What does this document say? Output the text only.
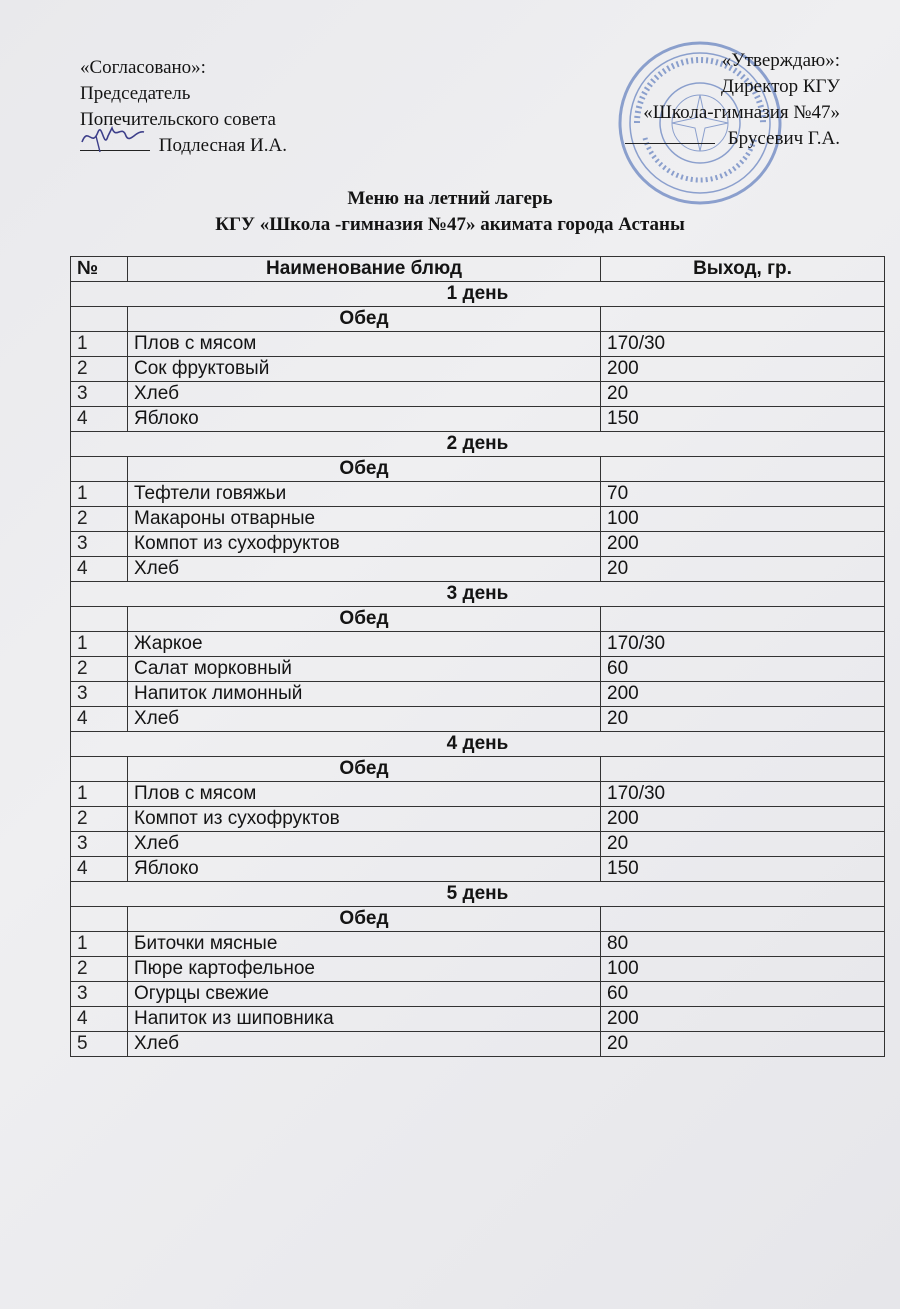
«Согласовано»:
Председатель
Попечительского совета
Подлесная И.А.
«Утверждаю»:
Директор КГУ
«Школа-гимназия №47»
Брусевич Г.А.
Меню на летний лагерь
КГУ «Школа -гимназия №47» акимата города Астаны
№	Наименование блюд	Выход, гр.
1 день		
	Обед	
1	Плов с мясом	170/30
2	Сок фруктовый	200
3	Хлеб	20
4	Яблоко	150
2 день		
	Обед	
1	Тефтели говяжьи	70
2	Макароны отварные	100
3	Компот из сухофруктов	200
4	Хлеб	20
3 день		
	Обед	
1	Жаркое	170/30
2	Салат морковный	60
3	Напиток лимонный	200
4	Хлеб	20
4 день		
	Обед	
1	Плов с мясом	170/30
2	Компот из сухофруктов	200
3	Хлеб	20
4	Яблоко	150
5 день		
	Обед	
1	Биточки мясные	80
2	Пюре картофельное	100
3	Огурцы свежие	60
4	Напиток из шиповника	200
5	Хлеб	20
